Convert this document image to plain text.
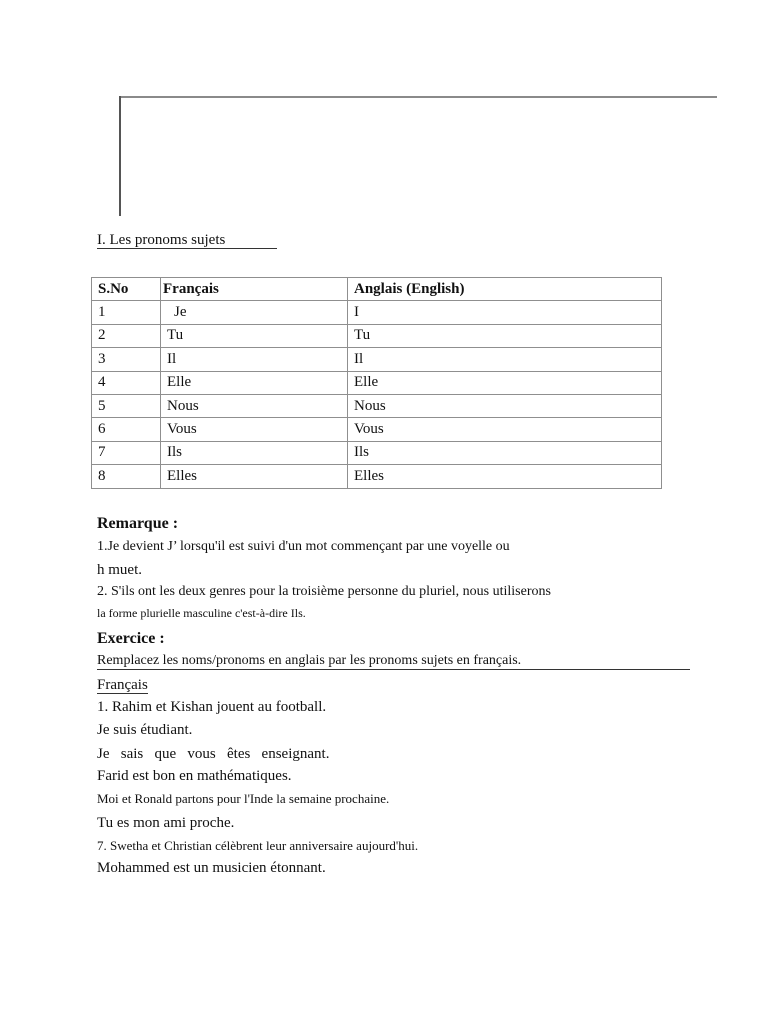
I. Les pronoms sujets
S.No	Français	Anglais (English)
1	Je	I
2	Tu	Tu
3	Il	Il
4	Elle	Elle
5	Nous	Nous
6	Vous	Vous
7	Ils	Ils
8	Elles	Elles
Remarque :
1.Je devient J’ lorsqu'il est suivi d'un mot commençant par une voyelle ou
h muet.
2. S'ils ont les deux genres pour la troisième personne du pluriel, nous utiliserons
la forme plurielle masculine c'est-à-dire Ils.
Exercice :
Remplacez les noms/pronoms en anglais par les pronoms sujets en français.
Français
1. Rahim et Kishan jouent au football.
Je suis étudiant.
Je   sais   que   vous   êtes   enseignant.
Farid est bon en mathématiques.
Moi et Ronald partons pour l'Inde la semaine prochaine.
Tu es mon ami proche.
7. Swetha et Christian célèbrent leur anniversaire aujourd'hui.
Mohammed est un musicien étonnant.
